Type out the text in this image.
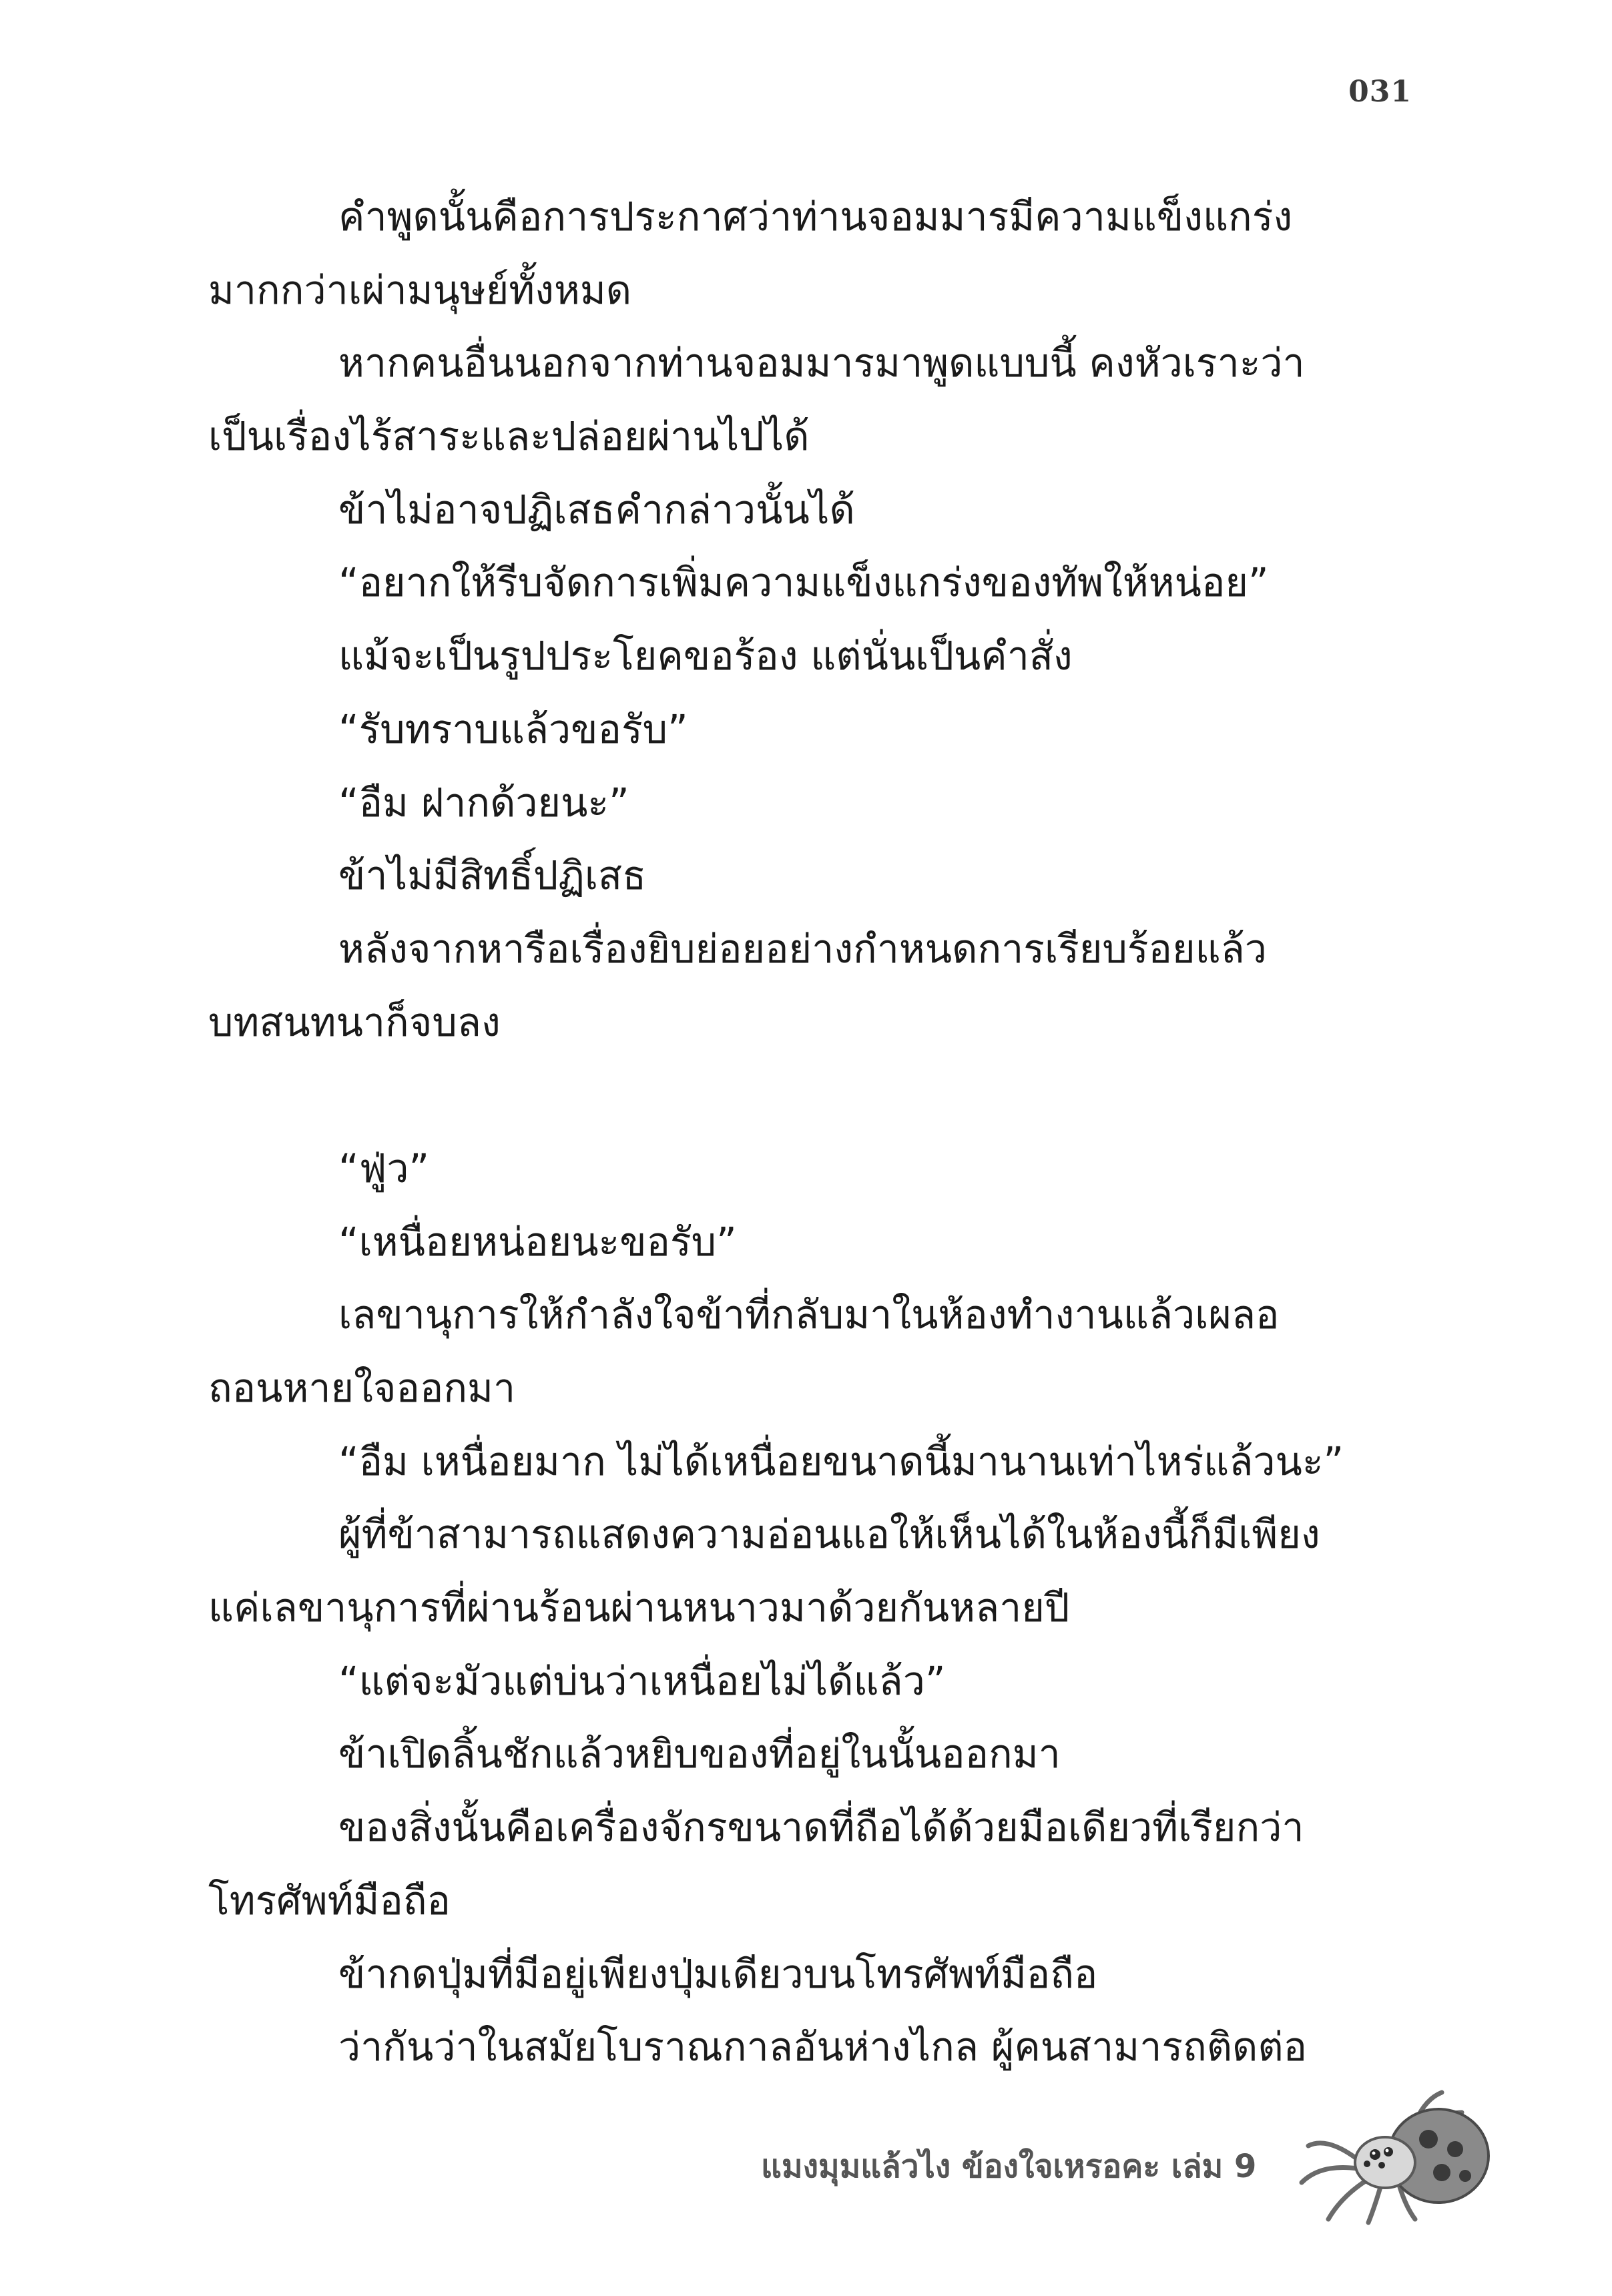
031
คำพูดนั้นคือการประกาศว่าท่านจอมมารมีความแข็งแกร่ง
มากกว่าเผ่ามนุษย์ทั้งหมด
หากคนอื่นนอกจากท่านจอมมารมาพูดแบบนี้ คงหัวเราะว่า
เป็นเรื่องไร้สาระและปล่อยผ่านไปได้
ข้าไม่อาจปฏิเสธคำกล่าวนั้นได้
“อยากให้รีบจัดการเพิ่มความแข็งแกร่งของทัพให้หน่อย”
แม้จะเป็นรูปประโยคขอร้อง แต่นั่นเป็นคำสั่ง
“รับทราบแล้วขอรับ”
“อืม ฝากด้วยนะ”
ข้าไม่มีสิทธิ์ปฏิเสธ
หลังจากหารือเรื่องยิบย่อยอย่างกำหนดการเรียบร้อยแล้ว
บทสนทนาก็จบลง
“ฟู่ว”
“เหนื่อยหน่อยนะขอรับ”
เลขานุการให้กำลังใจข้าที่กลับมาในห้องทำงานแล้วเผลอ
ถอนหายใจออกมา
“อืม เหนื่อยมาก ไม่ได้เหนื่อยขนาดนี้มานานเท่าไหร่แล้วนะ”
ผู้ที่ข้าสามารถแสดงความอ่อนแอให้เห็นได้ในห้องนี้ก็มีเพียง
แค่เลขานุการที่ผ่านร้อนผ่านหนาวมาด้วยกันหลายปี
“แต่จะมัวแต่บ่นว่าเหนื่อยไม่ได้แล้ว”
ข้าเปิดลิ้นชักแล้วหยิบของที่อยู่ในนั้นออกมา
ของสิ่งนั้นคือเครื่องจักรขนาดที่ถือได้ด้วยมือเดียวที่เรียกว่า
โทรศัพท์มือถือ
ข้ากดปุ่มที่มีอยู่เพียงปุ่มเดียวบนโทรศัพท์มือถือ
ว่ากันว่าในสมัยโบราณกาลอันห่างไกล ผู้คนสามารถติดต่อ
แมงมุมแล้วไง ข้องใจเหรอคะ เล่ม 9
